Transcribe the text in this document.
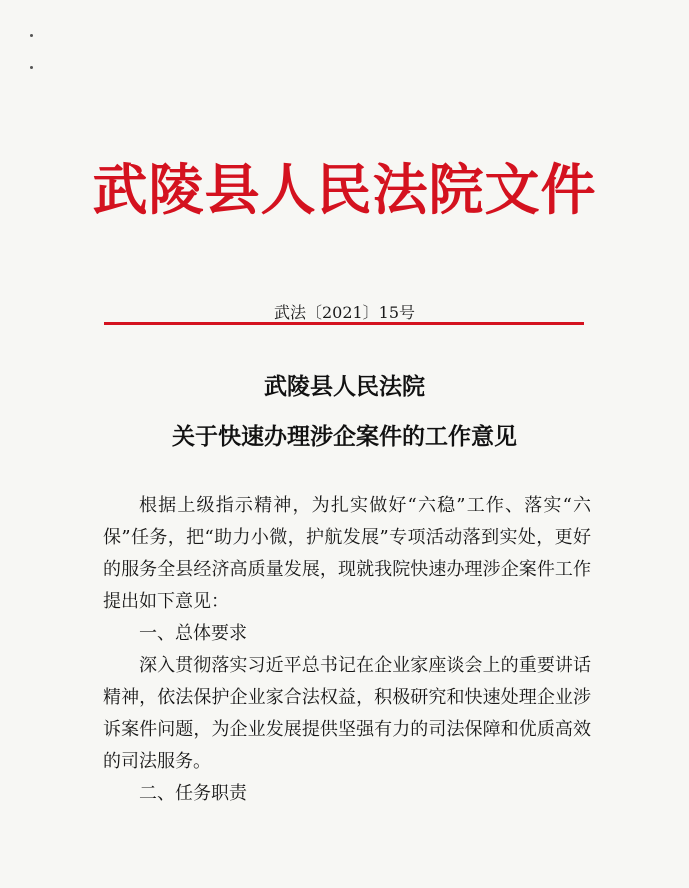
武陵县人民法院文件
武法〔2021〕15号
武陵县人民法院
关于快速办理涉企案件的工作意见

根据上级指示精神，为扎实做好“六稳”工作、落实“六保”任务，把“助力小微，护航发展”专项活动落到实处，更好的服务全县经济高质量发展，现就我院快速办理涉企案件工作提出如下意见：

一、总体要求

深入贯彻落实习近平总书记在企业家座谈会上的重要讲话精神，依法保护企业家合法权益，积极研究和快速处理企业涉诉案件问题，为企业发展提供坚强有力的司法保障和优质高效的司法服务。

二、任务职责
